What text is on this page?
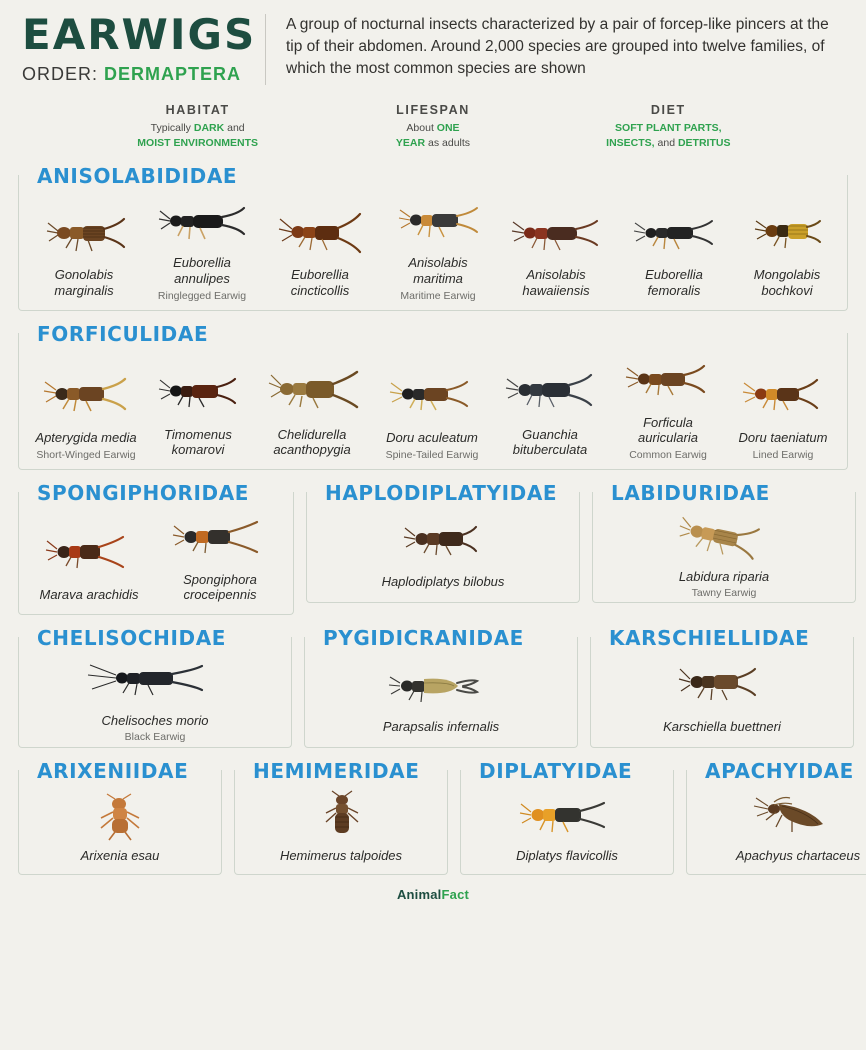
EARWIGS
ORDER: DERMAPTERA
A group of nocturnal insects characterized by a pair of forcep-like pincers at the tip of their abdomen. Around 2,000 species are grouped into twelve families, of which the most common species are shown
HABITAT
Typically DARK and
MOIST ENVIRONMENTS
LIFESPAN
About ONE
YEAR as adults
DIET
SOFT PLANT PARTS,
INSECTS, and DETRITUS
ANISOLABIDIDAE
Gonolabis marginalis
Euborellia annulipes
Ringlegged Earwig
Euborellia cincticollis
Anisolabis maritima
Maritime Earwig
Anisolabis hawaiiensis
Euborellia femoralis
Mongolabis bochkovi
FORFICULIDAE
Apterygida media
Short-Winged Earwig
Timomenus komarovi
Chelidurella acanthopygia
Doru aculeatum
Spine-Tailed Earwig
Guanchia bituberculata
Forficula auricularia
Common Earwig
Doru taeniatum
Lined Earwig
SPONGIPHORIDAE
Marava arachidis
Spongiphora croceipennis
HAPLODIPLATYIDAE
Haplodiplatys bilobus
LABIDURIDAE
Labidura riparia
Tawny Earwig
CHELISOCHIDAE
Chelisoches morio
Black Earwig
PYGIDICRANIDAE
Parapsalis infernalis
KARSCHIELLIDAE
Karschiella buettneri
ARIXENIIDAE
Arixenia esau
HEMIMERIDAE
Hemimerus talpoides
DIPLATYIDAE
Diplatys flavicollis
APACHYIDAE
Apachyus chartaceus
AnimalFact
